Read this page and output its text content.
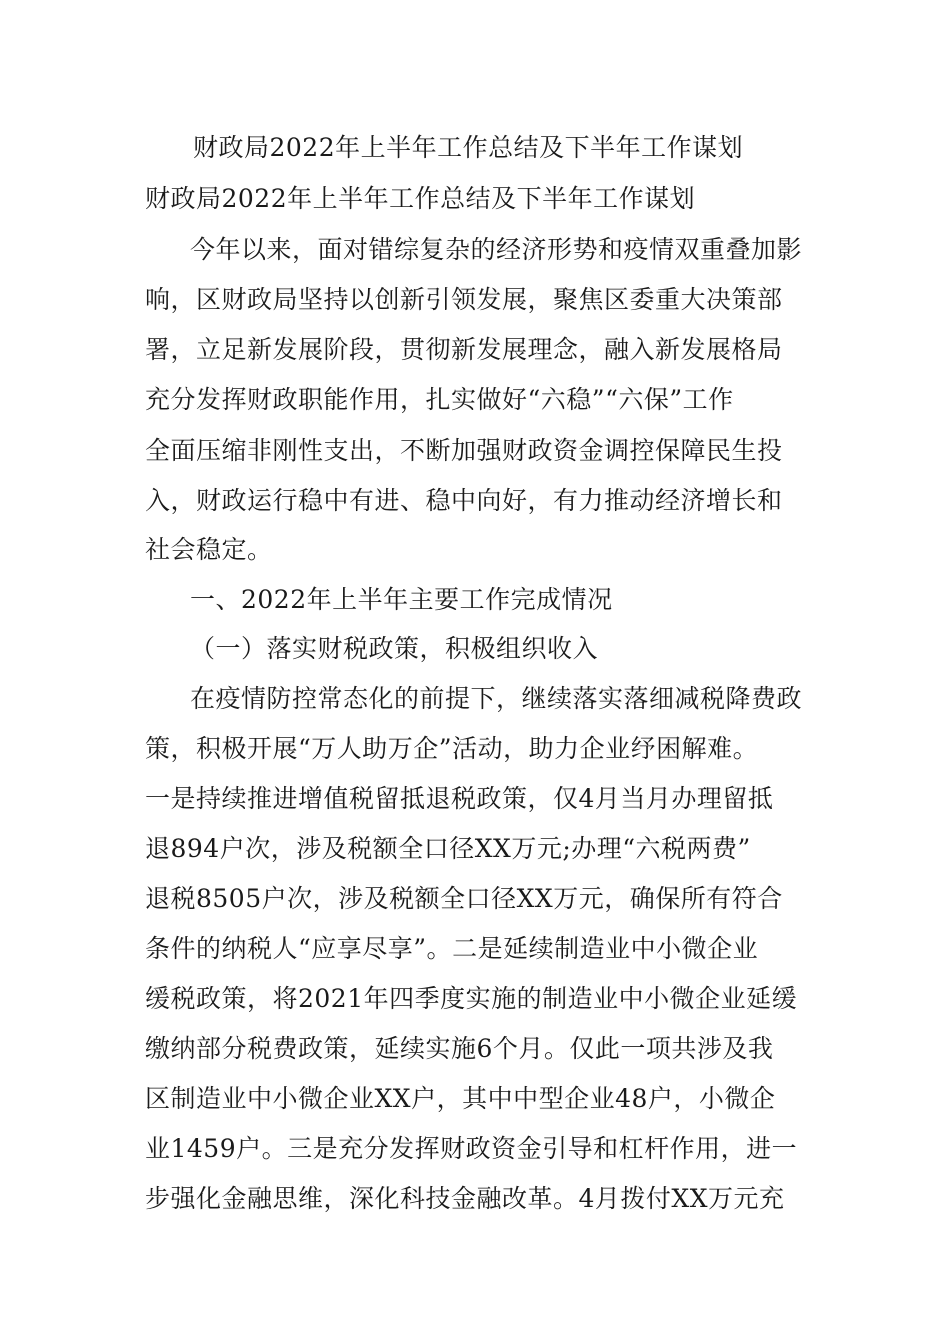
财政局2022年上半年工作总结及下半年工作谋划
财政局2022年上半年工作总结及下半年工作谋划
今年以来，面对错综复杂的经济形势和疫情双重叠加影
响，区财政局坚持以创新引领发展，聚焦区委重大决策部
署，立足新发展阶段，贯彻新发展理念，融入新发展格局
充分发挥财政职能作用，扎实做好“六稳”“六保”工作
全面压缩非刚性支出，不断加强财政资金调控保障民生投
入，财政运行稳中有进、稳中向好，有力推动经济增长和
社会稳定。
一、2022年上半年主要工作完成情况
（一）落实财税政策，积极组织收入
在疫情防控常态化的前提下，继续落实落细减税降费政
策，积极开展“万人助万企”活动，助力企业纾困解难。
一是持续推进增值税留抵退税政策，仅4月当月办理留抵
退894户次，涉及税额全口径XX万元;办理“六税两费”
退税8505户次，涉及税额全口径XX万元，确保所有符合
条件的纳税人“应享尽享”。二是延续制造业中小微企业
缓税政策，将2021年四季度实施的制造业中小微企业延缓
缴纳部分税费政策，延续实施6个月。仅此一项共涉及我
区制造业中小微企业XX户，其中中型企业48户，小微企
业1459户。三是充分发挥财政资金引导和杠杆作用，进一
步强化金融思维，深化科技金融改革。4月拨付XX万元充
